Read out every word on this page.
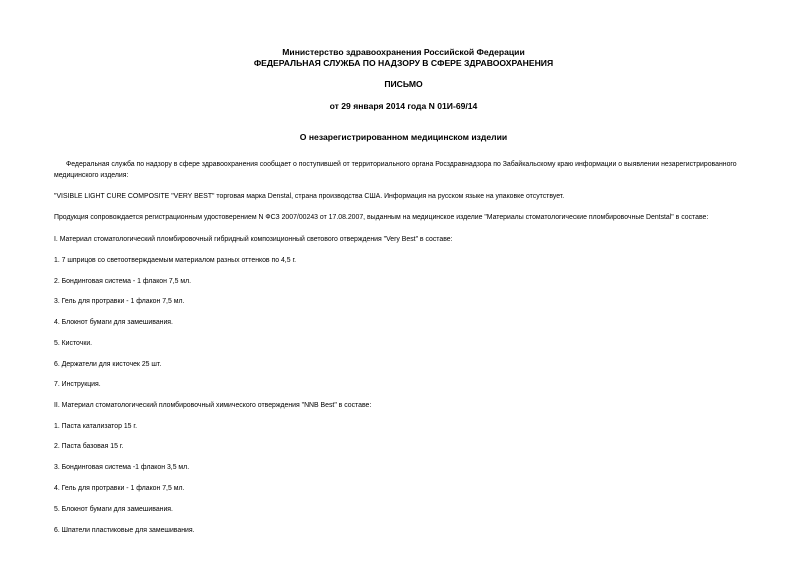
Министерство здравоохранения Российской Федерации
ФЕДЕРАЛЬНАЯ СЛУЖБА ПО НАДЗОРУ В СФЕРЕ ЗДРАВООХРАНЕНИЯ
ПИСЬМО
от 29 января 2014 года N 01И-69/14
О незарегистрированном медицинском изделии
Федеральная служба по надзору в сфере здравоохранения сообщает о поступившей от территориального органа Росздравнадзора по Забайкальскому краю информации о выявлении незарегистрированного
медицинского изделия:
"VISIBLE LIGHT CURE COMPOSITE "VERY BEST" торговая марка Denstal, страна производства США. Информация на русском языке на упаковке отсутствует.
Продукция сопровождается регистрационным удостоверением N ФСЗ 2007/00243 от 17.08.2007, выданным на медицинское изделие "Материалы стоматологические пломбировочные Dentstal" в составе:
I. Материал стоматологический пломбировочный гибридный композиционный светового отверждения "Very Best" в составе:
1. 7 шприцов со светоотверждаемым материалом разных оттенков по 4,5 г.
2. Бондинговая система - 1 флакон 7,5 мл.
3. Гель для протравки - 1 флакон 7,5 мл.
4. Блокнот бумаги для замешивания.
5. Кисточки.
6. Держатели для кисточек 25 шт.
7. Инструкция.
II. Материал стоматологический пломбировочный химического отверждения "NNB Best" в составе:
1. Паста катализатор 15 г.
2. Паста базовая 15 г.
3. Бондинговая система -1 флакон 3,5 мл.
4. Гель для протравки - 1 флакон 7,5 мл.
5. Блокнот бумаги для замешивания.
6. Шпатели пластиковые для замешивания.
